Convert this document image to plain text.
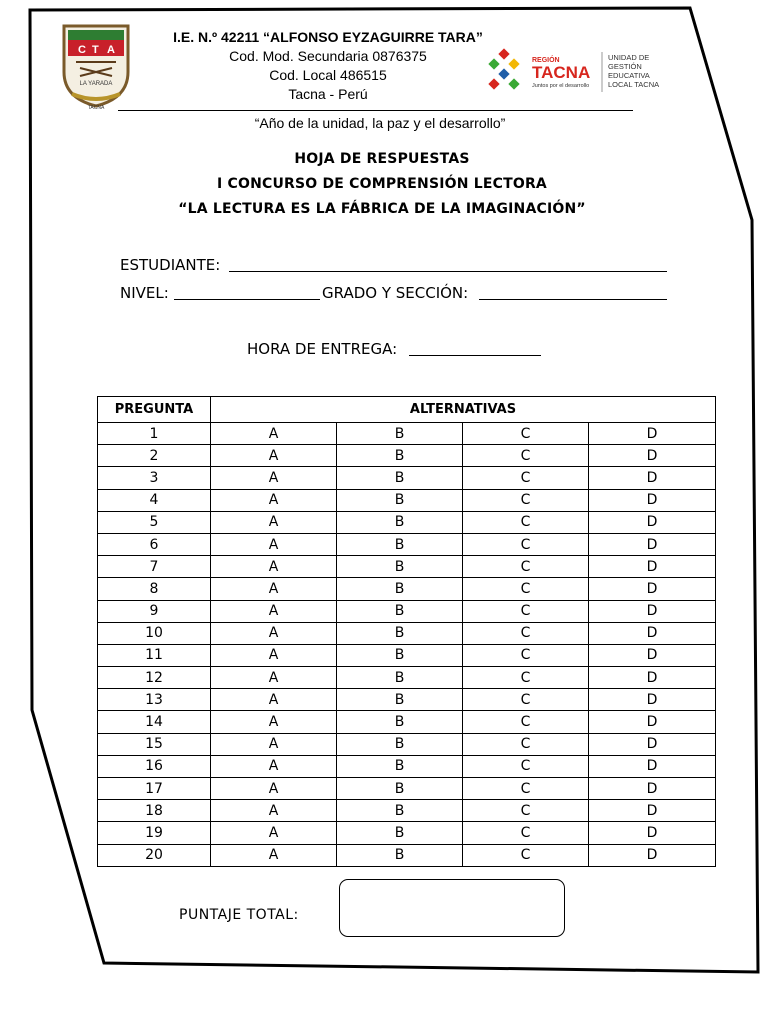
C T A
LA YARADA
TACNA
I.E. N.º 42211 “ALFONSO EYZAGUIRRE TARA”
Cod. Mod. Secundaria 0876375
Cod. Local 486515
Tacna - Perú
REGIÓN
TACNA
Juntos por el desarrollo
UNIDAD DE
GESTIÓN
EDUCATIVA
LOCAL TACNA
“Año de la unidad, la paz y el desarrollo”
HOJA DE RESPUESTAS
I CONCURSO DE COMPRENSIÓN LECTORA
“LA LECTURA ES LA FÁBRICA DE LA IMAGINACIÓN”
ESTUDIANTE:
NIVEL:	GRADO Y SECCIÓN:
HORA DE ENTREGA:
PREGUNTA	ALTERNATIVAS			
1	A	B	C	D
2	A	B	C	D
3	A	B	C	D
4	A	B	C	D
5	A	B	C	D
6	A	B	C	D
7	A	B	C	D
8	A	B	C	D
9	A	B	C	D
10	A	B	C	D
11	A	B	C	D
12	A	B	C	D
13	A	B	C	D
14	A	B	C	D
15	A	B	C	D
16	A	B	C	D
17	A	B	C	D
18	A	B	C	D
19	A	B	C	D
20	A	B	C	D
PUNTAJE TOTAL:
